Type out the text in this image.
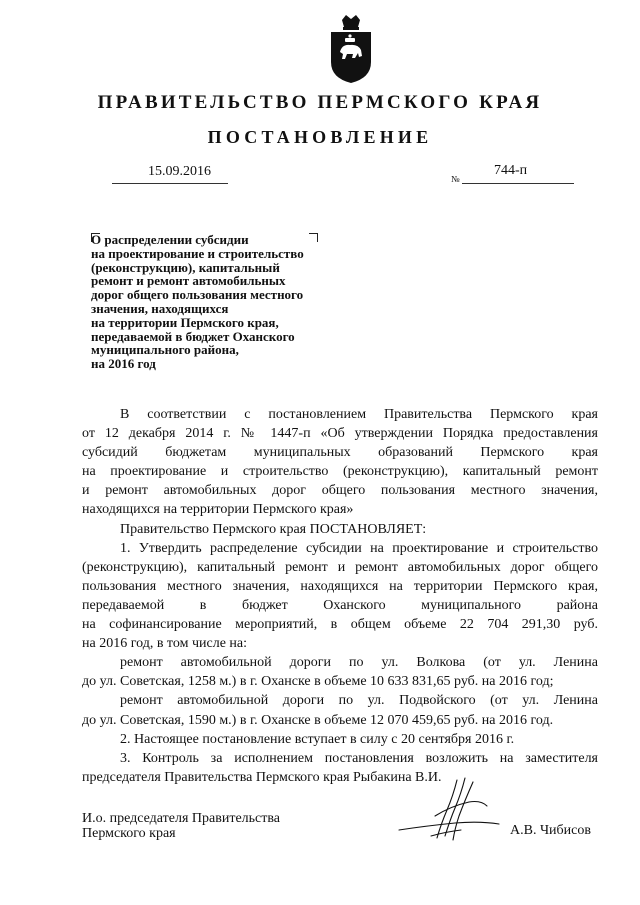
ПРАВИТЕЛЬСТВО ПЕРМСКОГО КРАЯ
ПОСТАНОВЛЕНИЕ
15.09.2016	№
744-п
О распределении субсидии
на проектирование и строительство
(реконструкцию), капитальный
ремонт и ремонт автомобильных
дорог общего пользования местного
значения, находящихся
на территории Пермского края,
передаваемой в бюджет Оханского
муниципального района,
на 2016 год
В соответствии с постановлением Правительства Пермского края
от 12 декабря 2014 г. № 1447-п «Об утверждении Порядка предоставления
субсидий бюджетам муниципальных образований Пермского края
на проектирование и строительство (реконструкцию), капитальный ремонт
и ремонт автомобильных дорог общего пользования местного значения,
находящихся на территории Пермского края»
Правительство Пермского края ПОСТАНОВЛЯЕТ:
1. Утвердить распределение субсидии на проектирование и строительство
(реконструкцию), капитальный ремонт и ремонт автомобильных дорог общего
пользования местного значения, находящихся на территории Пермского края,
передаваемой в бюджет Оханского муниципального района
на софинансирование мероприятий, в общем объеме 22 704 291,30 руб.
на 2016 год, в том числе на:
ремонт автомобильной дороги по ул. Волкова (от ул. Ленина
до ул. Советская, 1258 м.) в г. Оханске в объеме 10 633 831,65 руб. на 2016 год;
ремонт автомобильной дороги по ул. Подвойского (от ул. Ленина
до ул. Советская, 1590 м.) в г. Оханске в объеме 12 070 459,65 руб. на 2016 год.
2. Настоящее постановление вступает в силу с 20 сентября 2016 г.
3. Контроль за исполнением постановления возложить на заместителя
председателя Правительства Пермского края Рыбакина В.И.
И.о. председателя Правительства
Пермского края	А.В. Чибисов
